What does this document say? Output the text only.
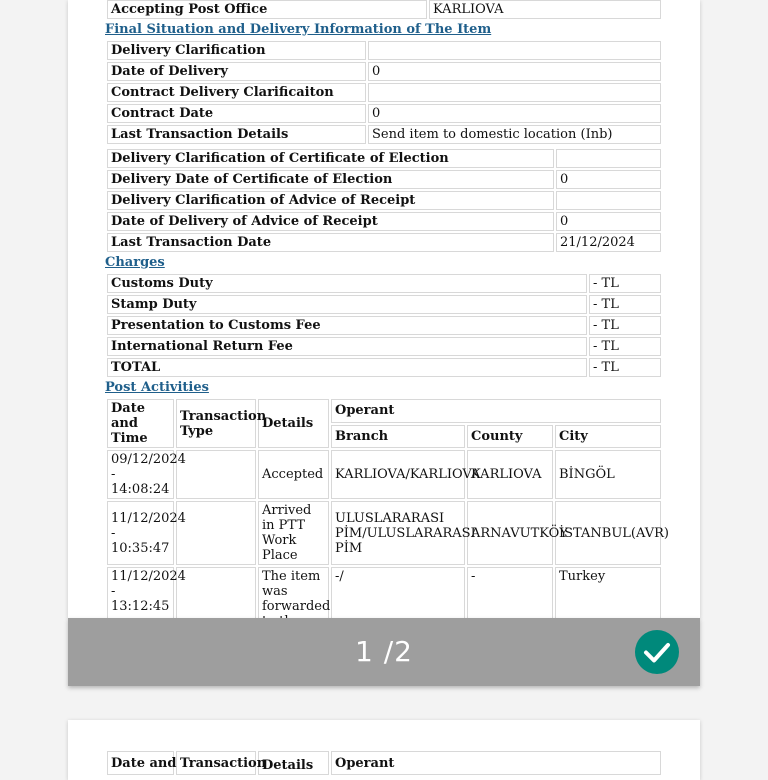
Accepting Post Office	KARLIOVA
Final Situation and Delivery Information of The Item
Delivery Clarification	
Date of Delivery	0
Contract Delivery Clarificaiton	
Contract Date	0
Last Transaction Details	Send item to domestic location (Inb)
Delivery Clarification of Certificate of Election	
Delivery Date of Certificate of Election	0
Delivery Clarification of Advice of Receipt	
Date of Delivery of Advice of Receipt	0
Last Transaction Date	21/12/2024
Charges
Customs Duty	- TL
Stamp Duty	- TL
Presentation to Customs Fee	- TL
International Return Fee	- TL
TOTAL	- TL
Post Activities
Date and Time	Transaction Type	Details	Operant		
			Branch	County	City
09/12/2024 - 14:08:24		Accepted	KARLIOVA/KARLIOVA	KARLIOVA	BİNGÖL
11/12/2024 - 10:35:47		Arrived in PTT Work Place	ULUSLARARASI PİM/ULUSLARARASI PİM	ARNAVUTKÖY	İSTANBUL(AVR)
11/12/2024 - 13:12:45		The item was forwarded	-/	-	Turkey
1 /2
Date and	Transaction	Details	Operant
